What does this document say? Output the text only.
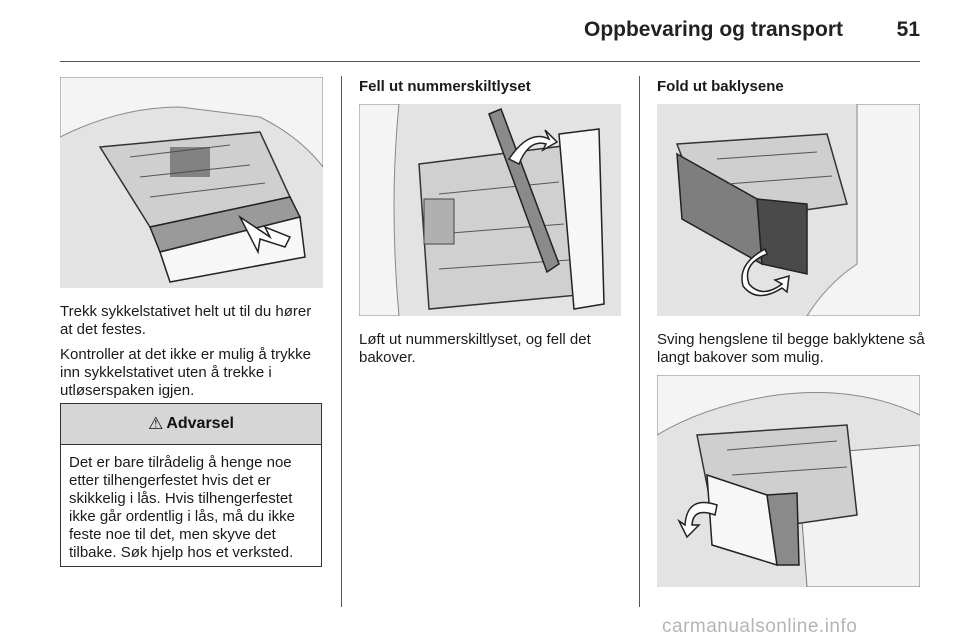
Oppbevaring og transport	51

Trekk sykkelstativet helt ut til du hører at det festes.

Kontroller at det ikke er mulig å trykke inn sykkelstativet uten å trekke i utløserspaken igjen.

⚠ Advarsel
Det er bare tilrådelig å henge noe etter tilhengerfestet hvis det er skikkelig i lås. Hvis tilhengerfestet ikke går ordentlig i lås, må du ikke feste noe til det, men skyve det tilbake. Søk hjelp hos et verksted.
Fell ut nummerskiltlyset

Løft ut nummerskiltlyset, og fell det bakover.

Fold ut baklysene

Sving hengslene til begge baklyktene så langt bakover som mulig.

carmanualsonline.info
